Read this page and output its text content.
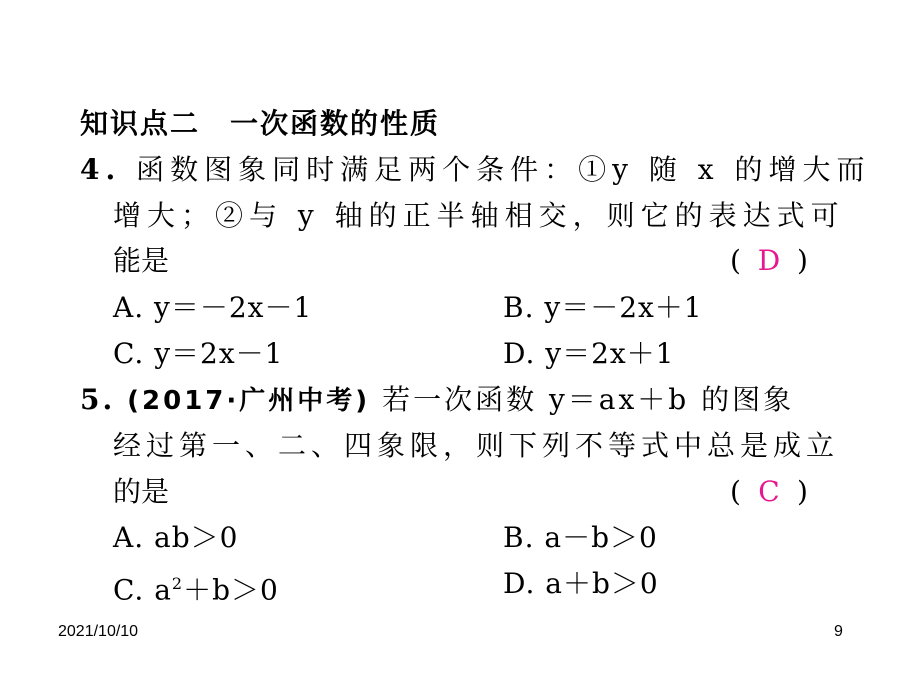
知识点二　一次函数的性质
4. 函数图象同时满足两个条件：①y 随 x 的增大而
增大；②与 y 轴的正半轴相交，则它的表达式可
能是	( D )
A. y＝－2x－1	B. y＝－2x＋1
C. y＝2x－1	D. y＝2x＋1
5. (2017·广州中考) 若一次函数 y＝ax＋b 的图象
经过第一、二、四象限，则下列不等式中总是成立
的是	( C )
A. ab＞0	B. a－b＞0
C. $a^2+b>0$	D. a＋b＞0
2021/10/10	9
